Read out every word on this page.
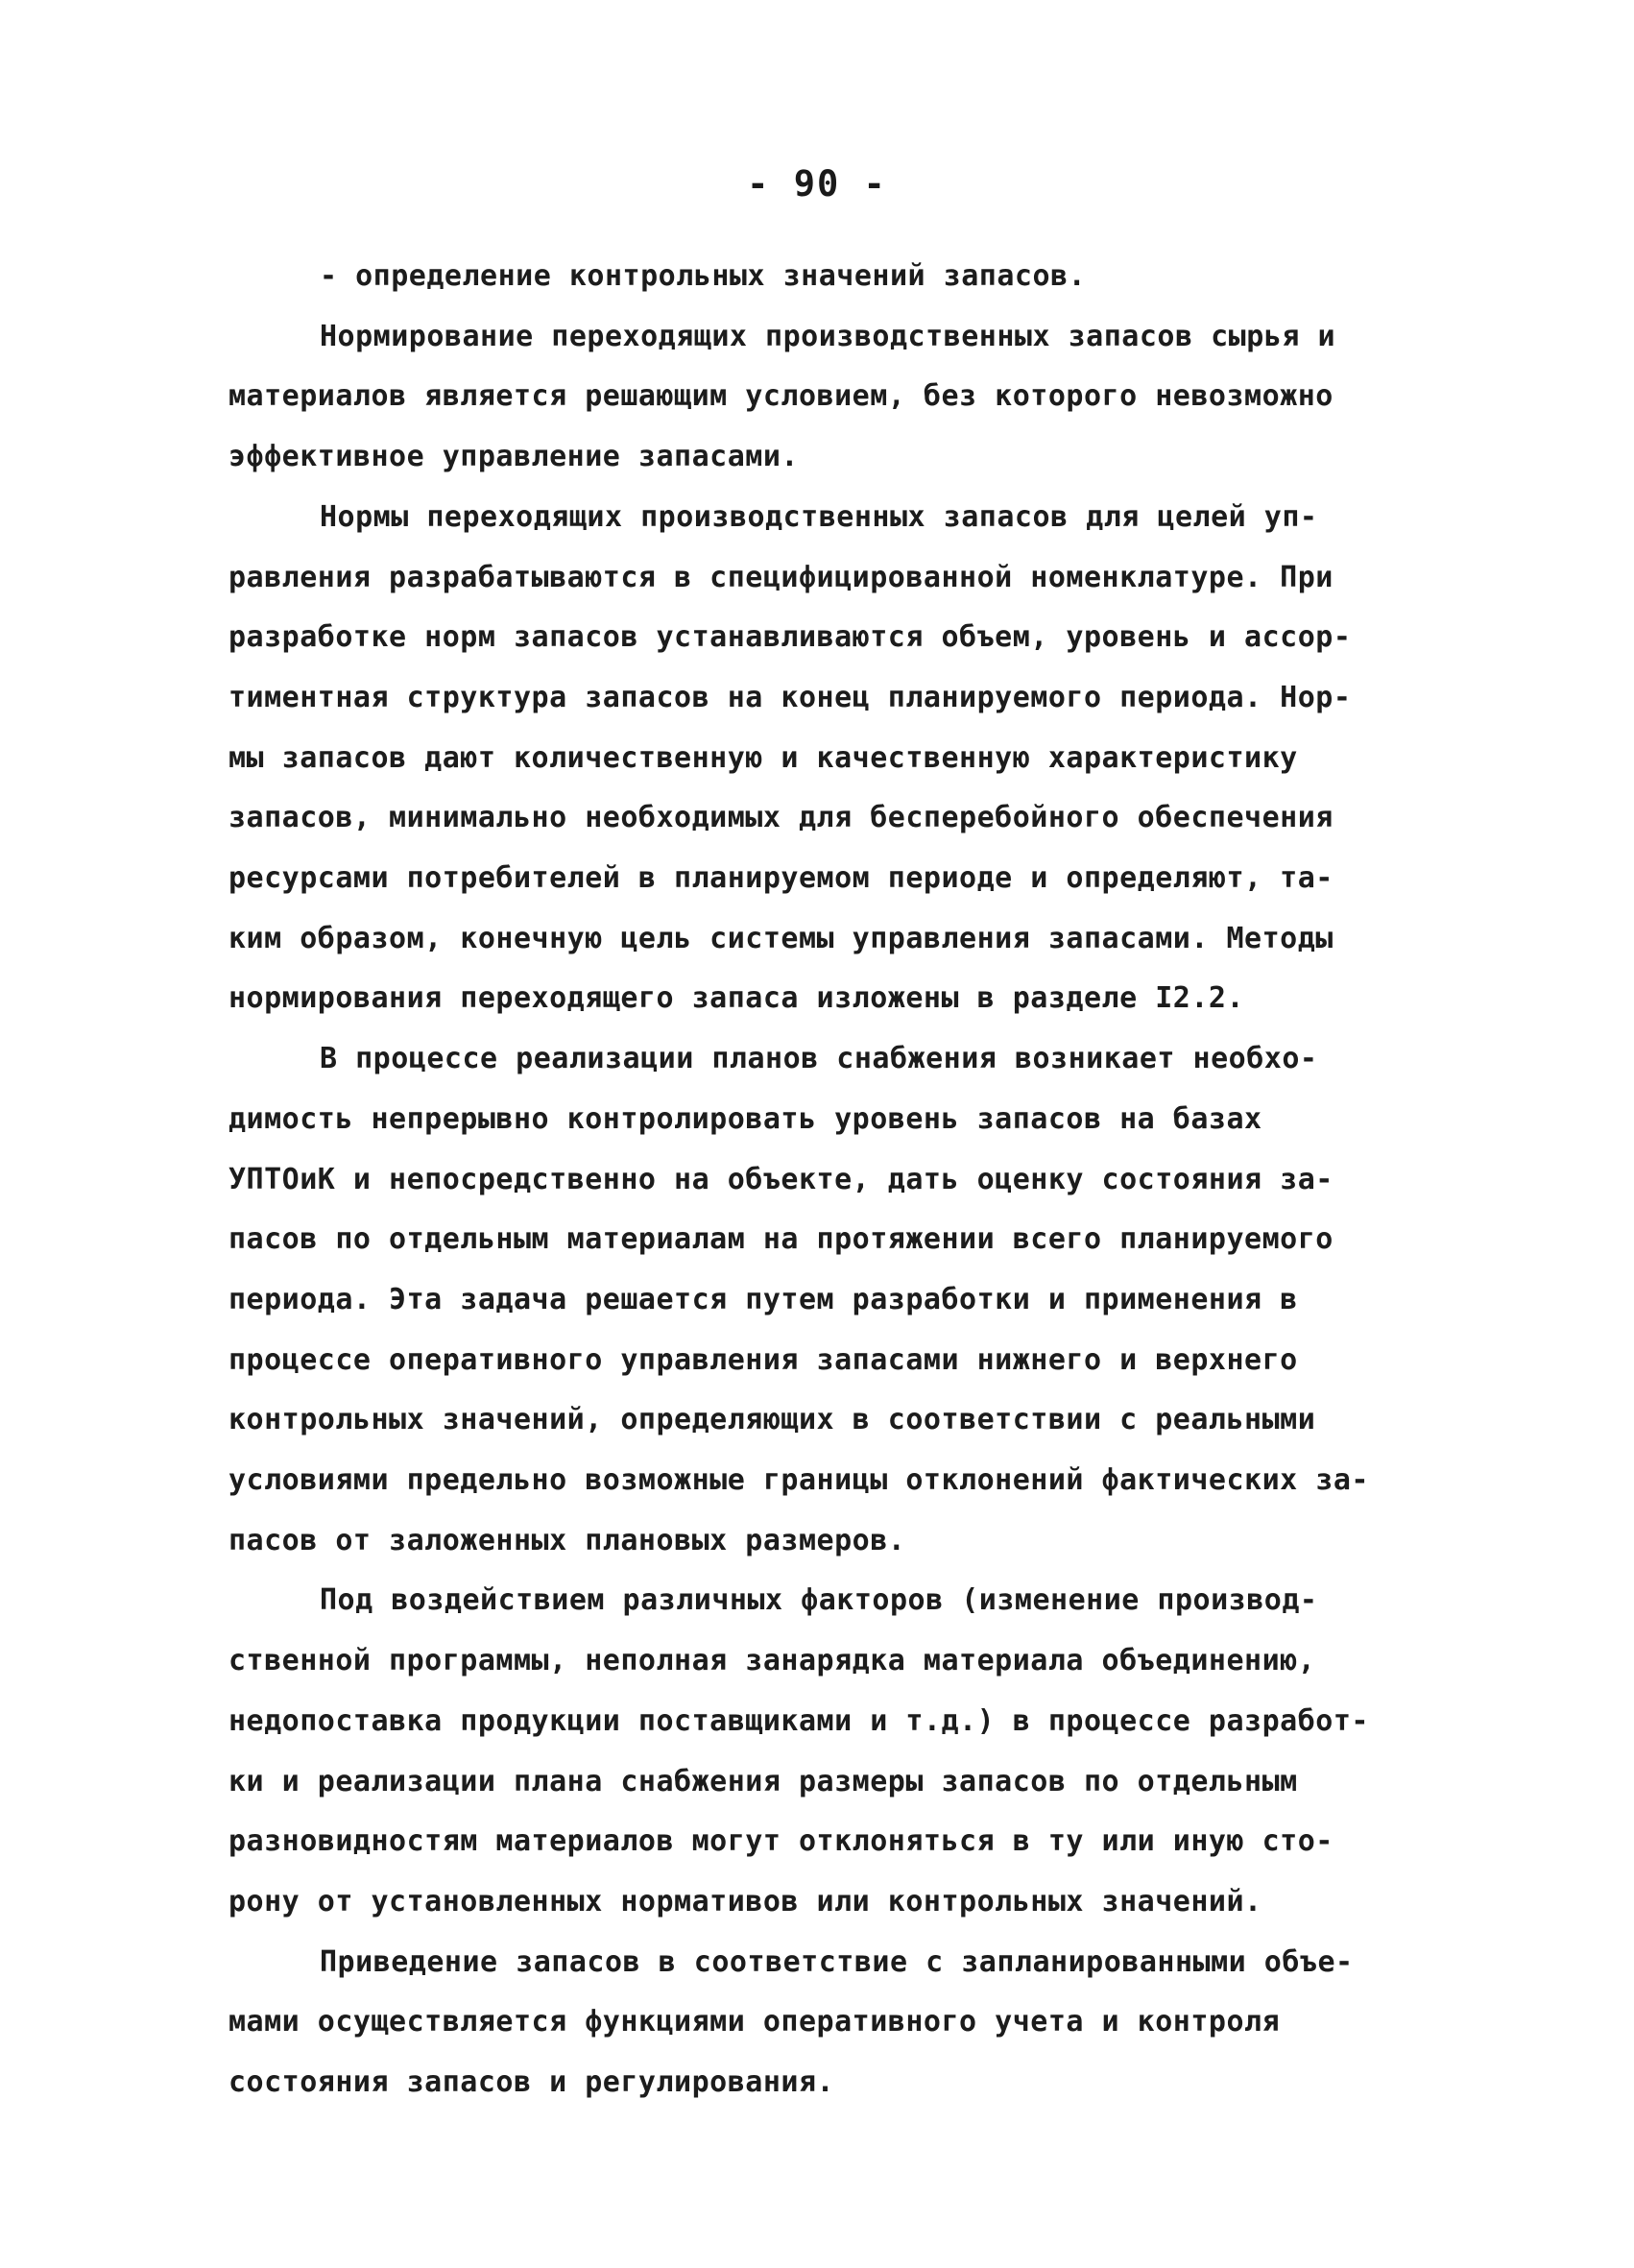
- 90 -
- определение контрольных значений запасов.
Нормирование переходящих производственных запасов сырья и
материалов является решающим условием, без которого невозможно
эффективное управление запасами.
Нормы переходящих производственных запасов для целей уп-
равления разрабатываются в специфицированной номенклатуре. При
разработке норм запасов устанавливаются объем, уровень и ассор-
тиментная структура запасов на конец планируемого периода. Нор-
мы запасов дают количественную и качественную характеристику
запасов, минимально необходимых для бесперебойного обеспечения
ресурсами потребителей в планируемом периоде и определяют, та-
ким образом, конечную цель системы управления запасами. Методы
нормирования переходящего запаса изложены в разделе I2.2.
В процессе реализации планов снабжения возникает необхо-
димость непрерывно контролировать уровень запасов на базах
УПТОиК и непосредственно на объекте, дать оценку состояния за-
пасов по отдельным материалам на протяжении всего планируемого
периода. Эта задача решается путем разработки и применения в
процессе оперативного управления запасами нижнего и верхнего
контрольных значений, определяющих в соответствии с реальными
условиями предельно возможные границы отклонений фактических за-
пасов от заложенных плановых размеров.
Под воздействием различных факторов (изменение производ-
ственной программы, неполная занарядка материала объединению,
недопоставка продукции поставщиками и т.д.) в процессе разработ-
ки и реализации плана снабжения размеры запасов по отдельным
разновидностям материалов могут отклоняться в ту или иную сто-
рону от установленных нормативов или контрольных значений.
Приведение запасов в соответствие с запланированными объе-
мами осуществляется функциями оперативного учета и контроля
состояния запасов и регулирования.
